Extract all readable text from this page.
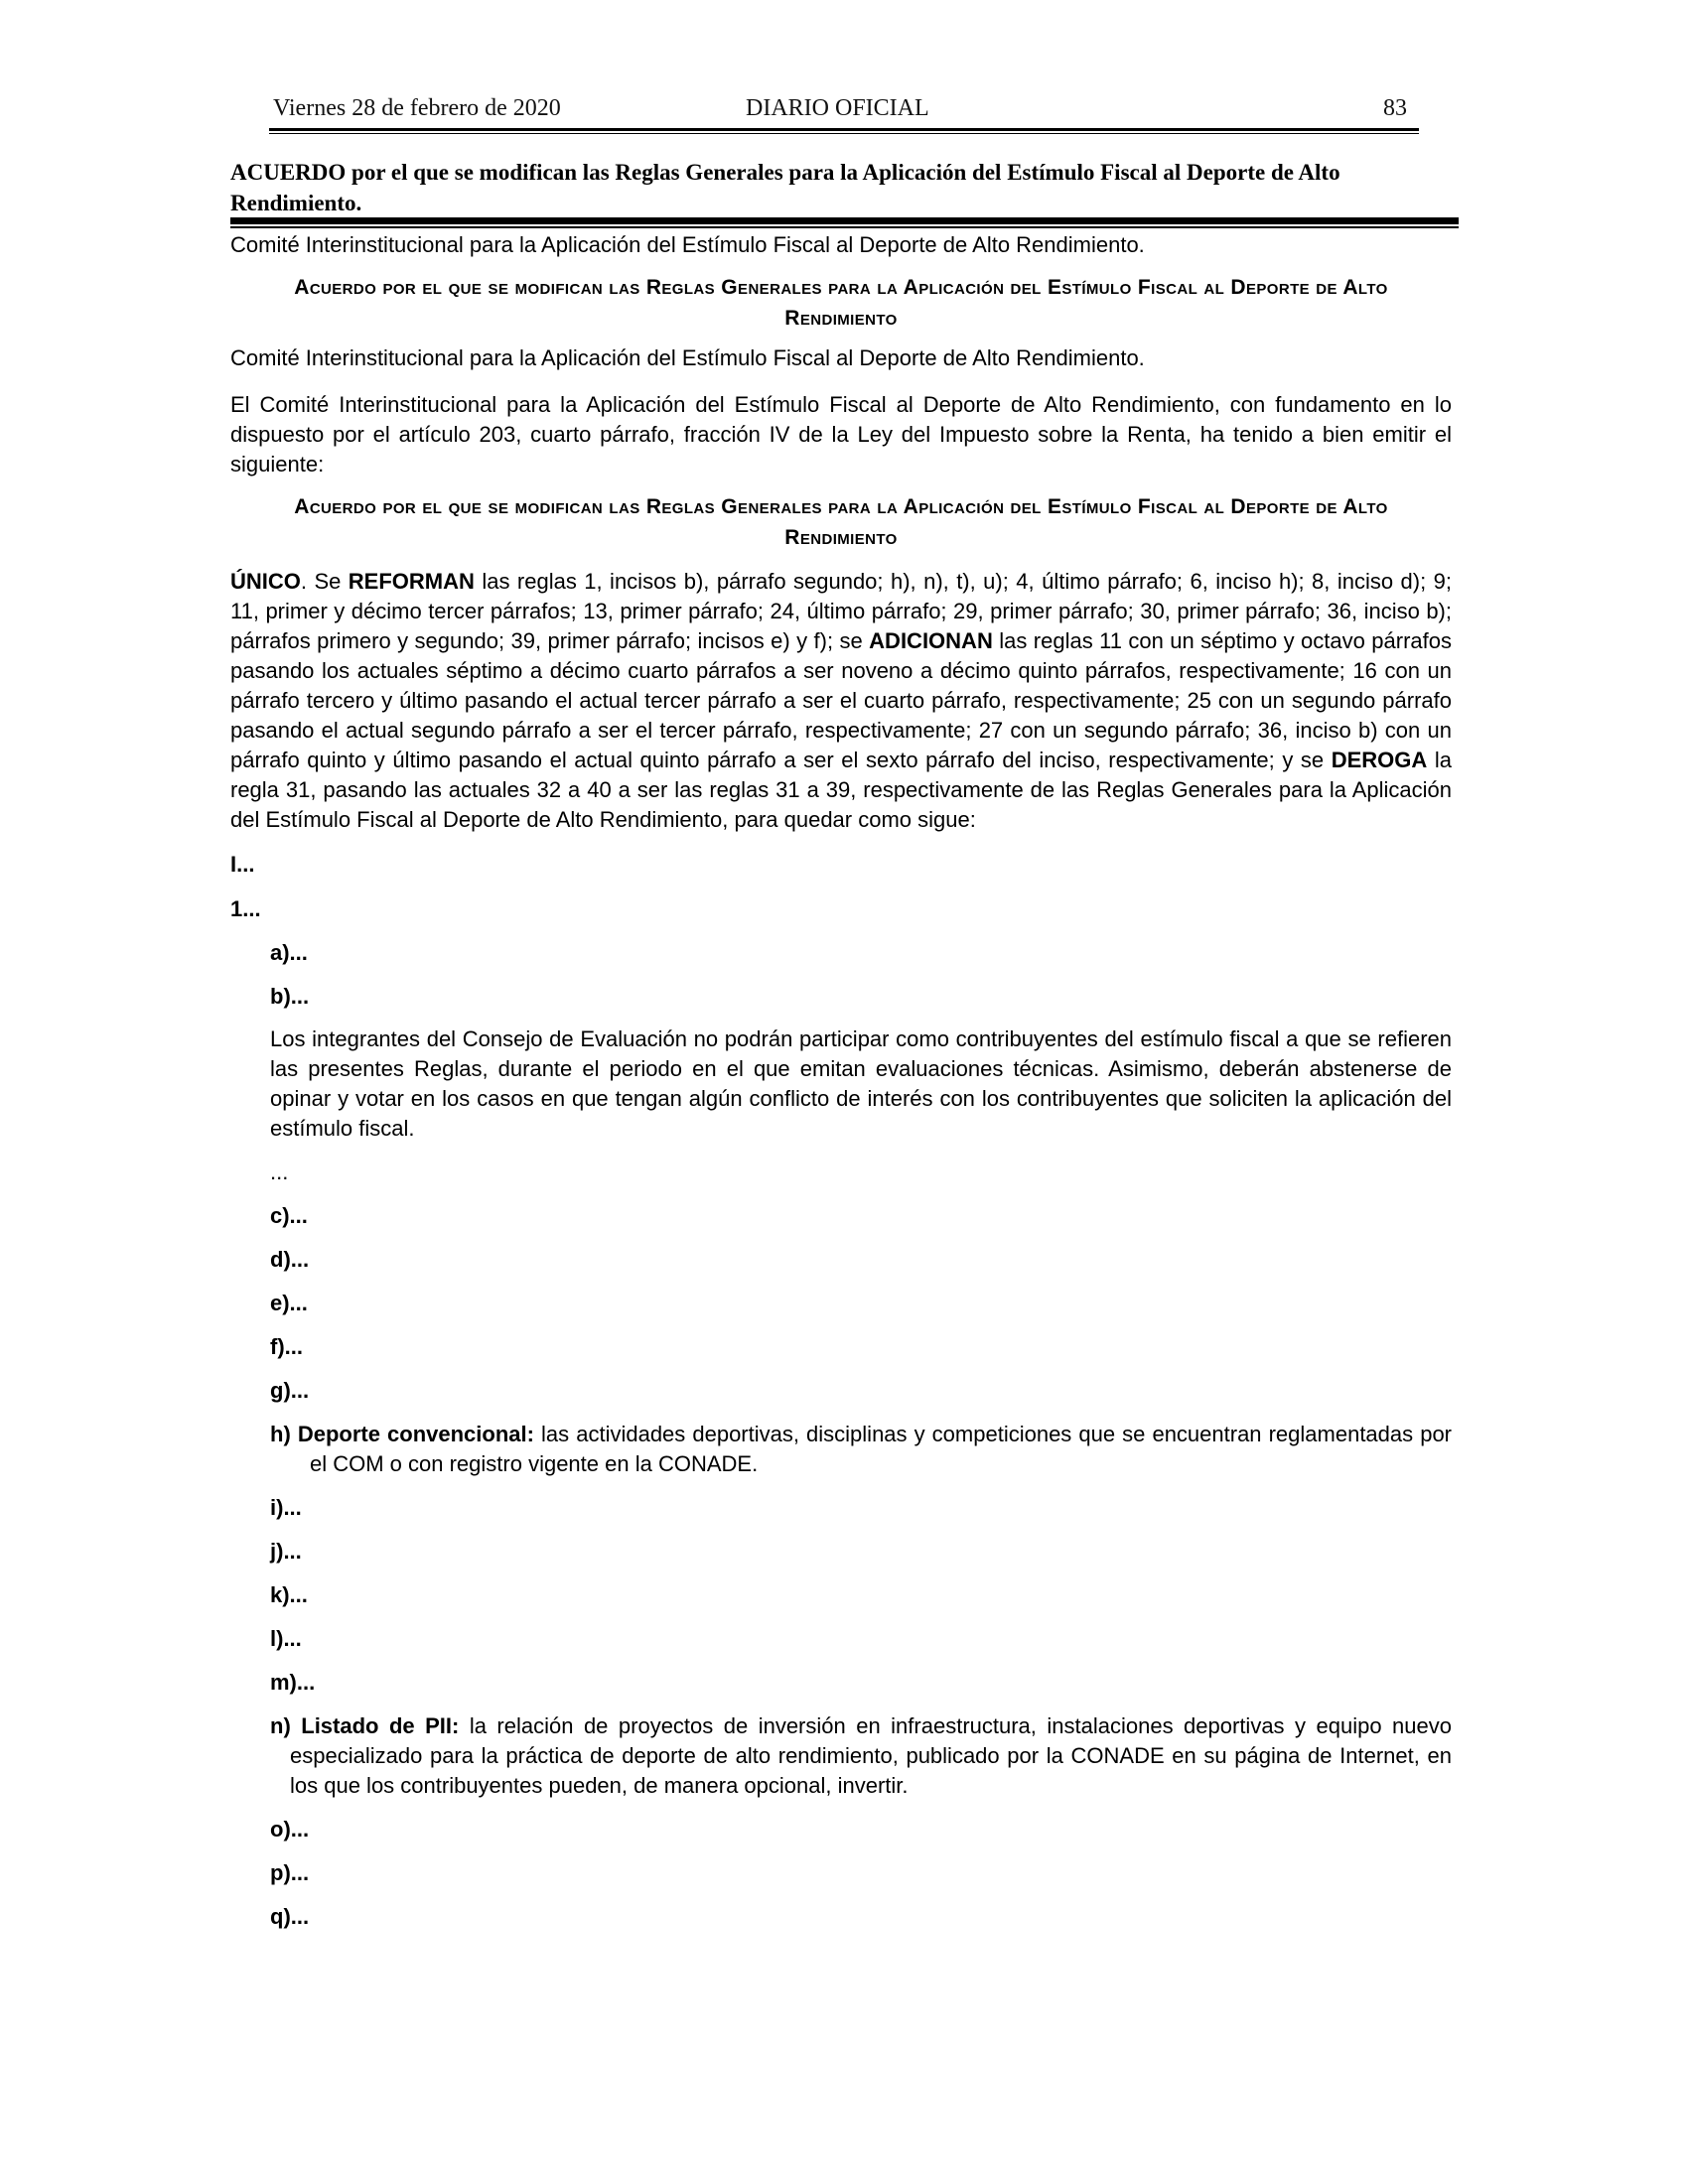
Viernes 28 de febrero de 2020	DIARIO OFICIAL	83
ACUERDO por el que se modifican las Reglas Generales para la Aplicación del Estímulo Fiscal al Deporte de Alto Rendimiento.

Comité Interinstitucional para la Aplicación del Estímulo Fiscal al Deporte de Alto Rendimiento.

Acuerdo por el que se modifican las Reglas Generales para la Aplicación del Estímulo Fiscal al Deporte de Alto Rendimiento

Comité Interinstitucional para la Aplicación del Estímulo Fiscal al Deporte de Alto Rendimiento.

El Comité Interinstitucional para la Aplicación del Estímulo Fiscal al Deporte de Alto Rendimiento, con fundamento en lo dispuesto por el artículo 203, cuarto párrafo, fracción IV de la Ley del Impuesto sobre la Renta, ha tenido a bien emitir el siguiente:

Acuerdo por el que se modifican las Reglas Generales para la Aplicación del Estímulo Fiscal al Deporte de Alto Rendimiento

ÚNICO. Se REFORMAN las reglas 1, incisos b), párrafo segundo; h), n), t), u); 4, último párrafo; 6, inciso h); 8, inciso d); 9; 11, primer y décimo tercer párrafos; 13, primer párrafo; 24, último párrafo; 29, primer párrafo; 30, primer párrafo; 36, inciso b); párrafos primero y segundo; 39, primer párrafo; incisos e) y f); se ADICIONAN las reglas 11 con un séptimo y octavo párrafos pasando los actuales séptimo a décimo cuarto párrafos a ser noveno a décimo quinto párrafos, respectivamente; 16 con un párrafo tercero y último pasando el actual tercer párrafo a ser el cuarto párrafo, respectivamente; 25 con un segundo párrafo pasando el actual segundo párrafo a ser el tercer párrafo, respectivamente; 27 con un segundo párrafo; 36, inciso b) con un párrafo quinto y último pasando el actual quinto párrafo a ser el sexto párrafo del inciso, respectivamente; y se DEROGA la regla 31, pasando las actuales 32 a 40 a ser las reglas 31 a 39, respectivamente de las Reglas Generales para la Aplicación del Estímulo Fiscal al Deporte de Alto Rendimiento, para quedar como sigue:

I...

1...

a)...

b)...

Los integrantes del Consejo de Evaluación no podrán participar como contribuyentes del estímulo fiscal a que se refieren las presentes Reglas, durante el periodo en el que emitan evaluaciones técnicas. Asimismo, deberán abstenerse de opinar y votar en los casos en que tengan algún conflicto de interés con los contribuyentes que soliciten la aplicación del estímulo fiscal.

...

c)...

d)...

e)...

f)...

g)...

h) Deporte convencional: las actividades deportivas, disciplinas y competiciones que se encuentran reglamentadas por el COM o con registro vigente en la CONADE.

i)...

j)...

k)...

l)...

m)...

n) Listado de PII: la relación de proyectos de inversión en infraestructura, instalaciones deportivas y equipo nuevo especializado para la práctica de deporte de alto rendimiento, publicado por la CONADE en su página de Internet, en los que los contribuyentes pueden, de manera opcional, invertir.

o)...

p)...

q)...
